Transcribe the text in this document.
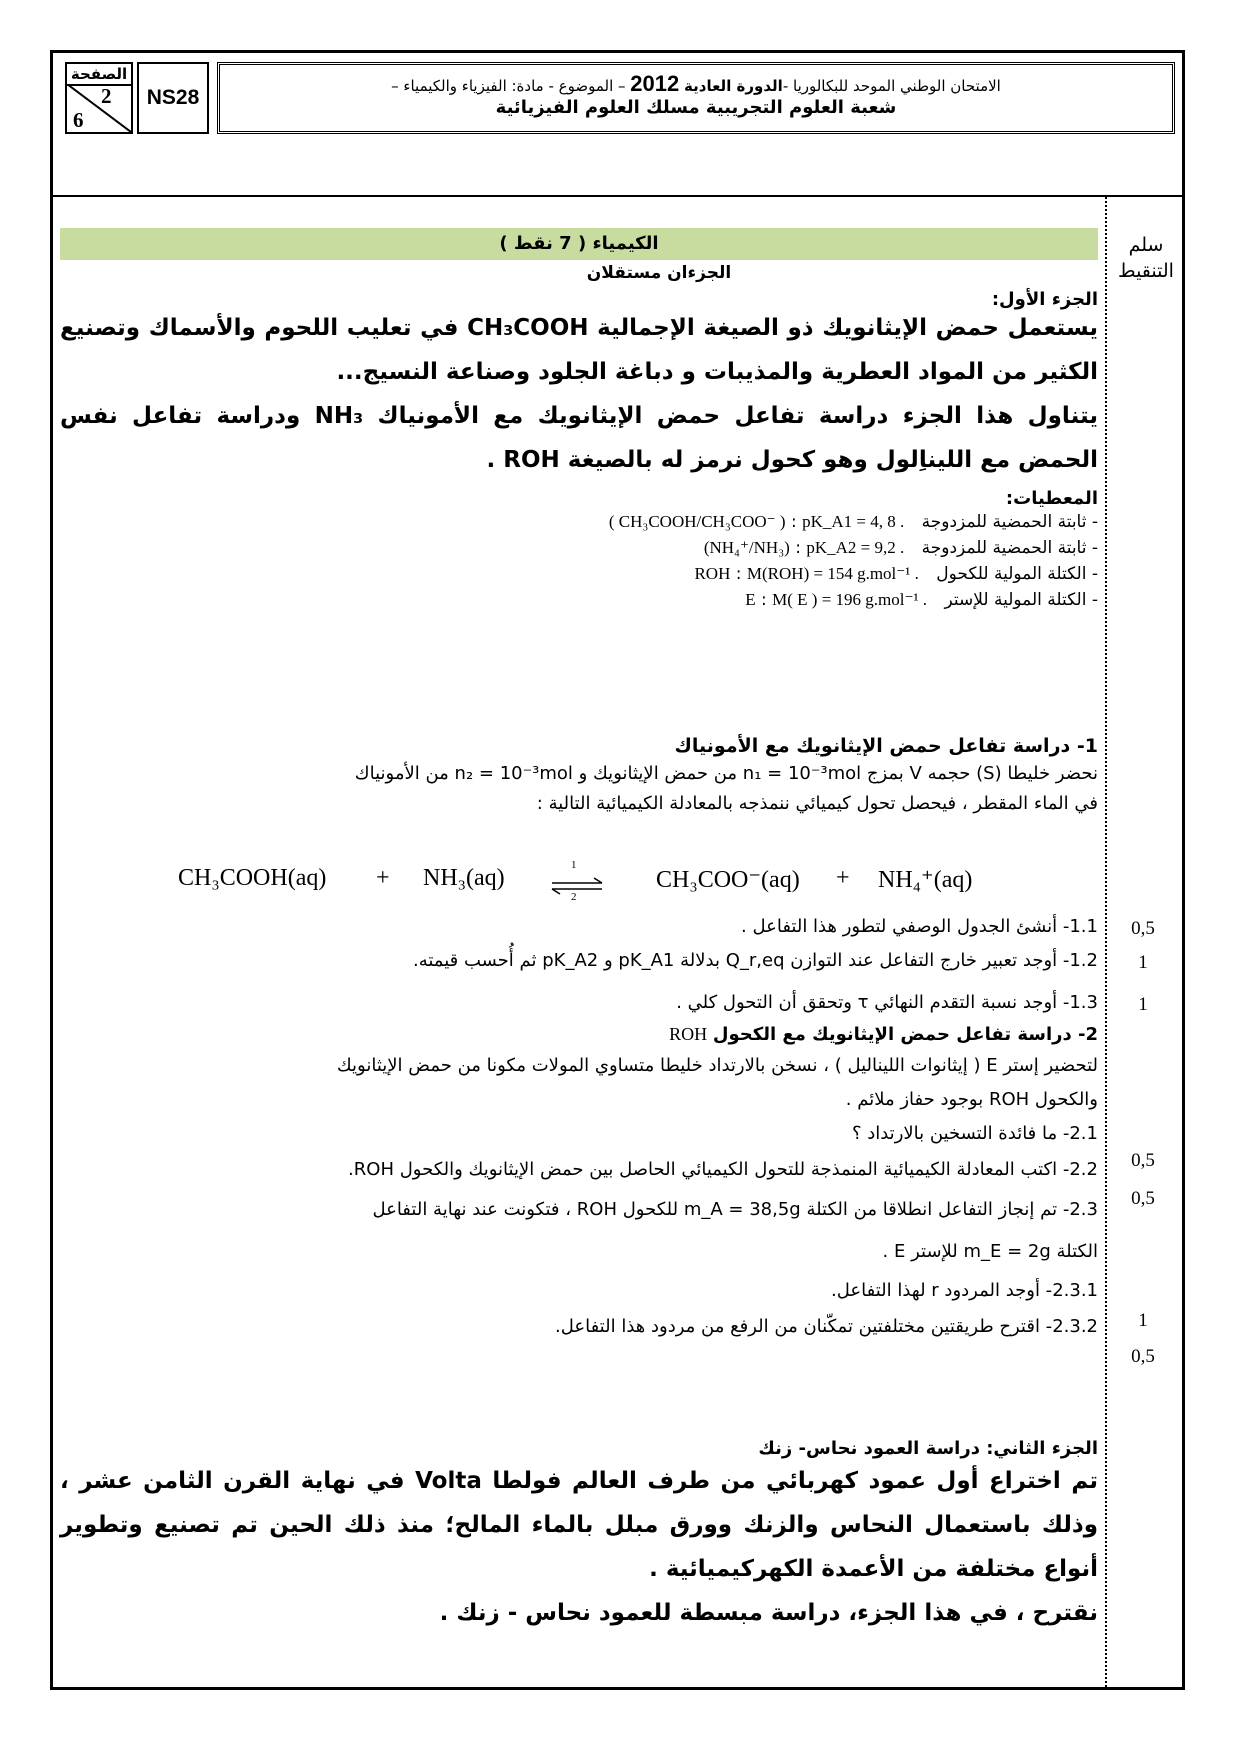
الصفحة
2
6
NS28	الامتحان الوطني الموحد للبكالوريا -الدورة العادية 2012 – الموضوع - مادة: الفيزياء والكيمياء –
شعبة العلوم التجريبية مسلك العلوم الفيزيائية
سلم التنقيط
الكيمياء ( 7 نقط )
الجزءان مستقلان
الجزء الأول:
يستعمل حمض الإيثانويك ذو الصيغة الإجمالية CH₃COOH في تعليب اللحوم والأسماك وتصنيع الكثير من المواد العطرية والمذيبات و دباغة الجلود وصناعة النسيج...
يتناول هذا الجزء دراسة تفاعل حمض الإيثانويك مع الأمونياك NH₃ ودراسة تفاعل نفس الحمض مع الليناِلول وهو كحول نرمز له بالصيغة ROH .
المعطيات:
- ثابتة الحمضية للمزدوجة ( CH₃COOH/CH₃COO⁻ ) : pK_A1 = 4, 8 .
- ثابتة الحمضية للمزدوجة (NH₄⁺/NH₃) : pK_A2 = 9,2 .
- الكتلة المولية للكحول ROH : M(ROH) = 154 g.mol⁻¹ .
- الكتلة المولية للإستر E : M( E ) = 196 g.mol⁻¹ .
1- دراسة تفاعل حمض الإيثانويك مع الأمونياك
نحضر خليطا (S) حجمه V بمزج n₁ = 10⁻³mol من حمض الإيثانويك و n₂ = 10⁻³mol من الأمونياك
في الماء المقطر ، فيحصل تحول كيميائي ننمذجه بالمعادلة الكيميائية التالية :
CH₃COOH(aq) + NH₃(aq)	1
2
CH₃COO⁻(aq) + NH₄⁺(aq)
1.1- أنشئ الجدول الوصفي لتطور هذا التفاعل .
1.2- أوجد تعبير خارج التفاعل عند التوازن Q_r,eq بدلالة pK_A1 و pK_A2 ثم أُحسب قيمته.
1.3- أوجد نسبة التقدم النهائي τ وتحقق أن التحول كلي .
2- دراسة تفاعل حمض الإيثانويك مع الكحول ROH
لتحضير إستر E ( إيثانوات الليناليل ) ، نسخن بالارتداد خليطا متساوي المولات مكونا من حمض الإيثانويك
والكحول ROH بوجود حفاز ملائم .
2.1- ما فائدة التسخين بالارتداد ؟
2.2- اكتب المعادلة الكيميائية المنمذجة للتحول الكيميائي الحاصل بين حمض الإيثانويك والكحول ROH.
2.3- تم إنجاز التفاعل انطلاقا من الكتلة m_A = 38,5g للكحول ROH ، فتكونت عند نهاية التفاعل
الكتلة m_E = 2g للإستر E .
2.3.1- أوجد المردود r لهذا التفاعل.
2.3.2- اقترح طريقتين مختلفتين تمكّنان من الرفع من مردود هذا التفاعل.
الجزء الثاني: دراسة العمود نحاس- زنك
تم اختراع أول عمود كهربائي من طرف العالم فولطا Volta في نهاية القرن الثامن عشر ، وذلك باستعمال النحاس والزنك وورق مبلل بالماء المالح؛ منذ ذلك الحين تم تصنيع وتطوير أنواع مختلفة من الأعمدة الكهركيميائية .
نقترح ، في هذا الجزء، دراسة مبسطة للعمود نحاس - زنك .
0,5
1
1
0,5
0,5
1
0,5
